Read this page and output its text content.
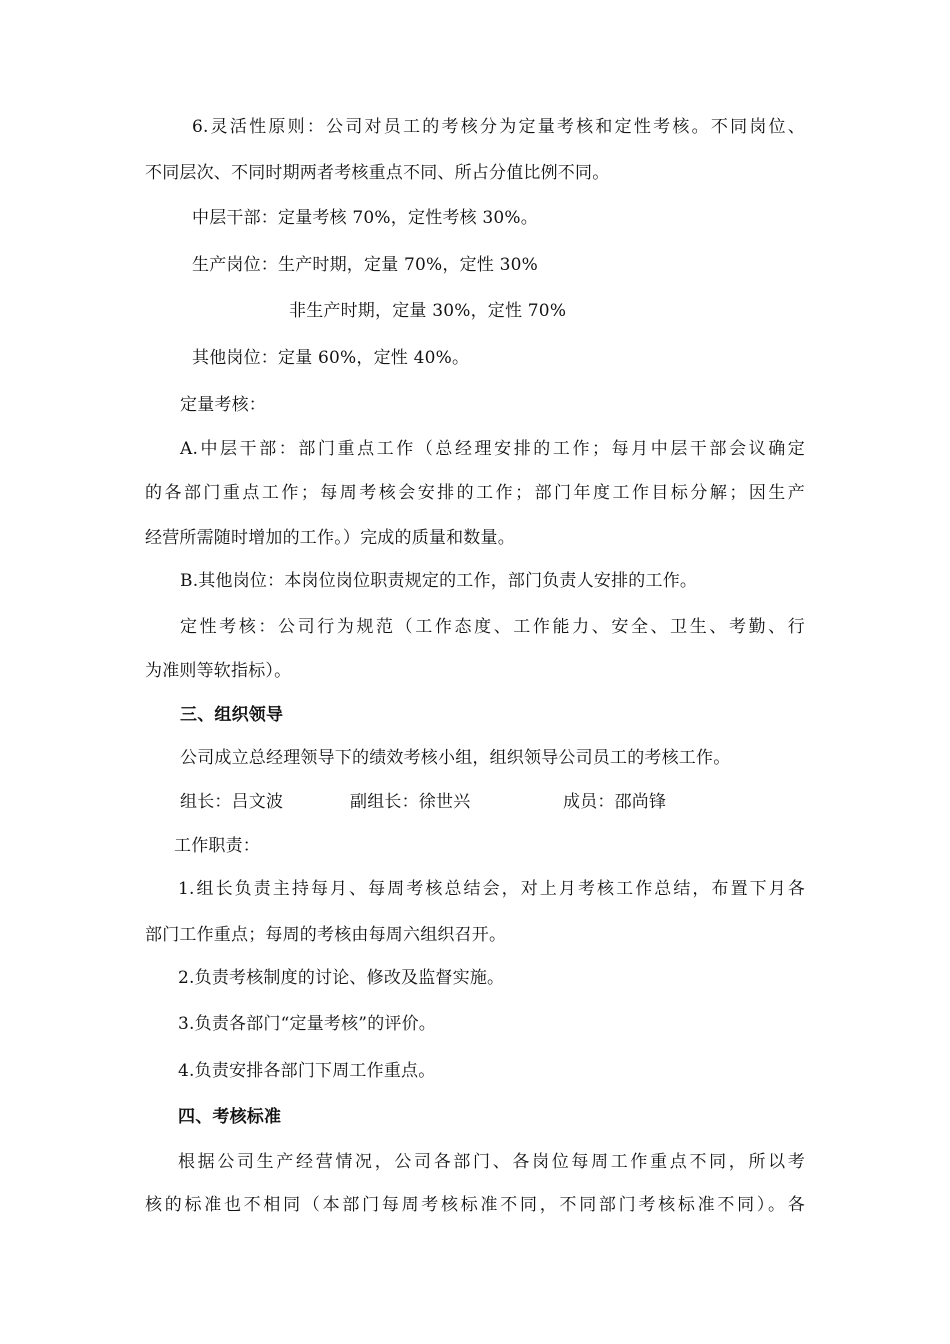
6.灵活性原则：公司对员工的考核分为定量考核和定性考核。不同岗位、
不同层次、不同时期两者考核重点不同、所占分值比例不同。
中层干部：定量考核 70%，定性考核 30%。
生产岗位：生产时期，定量 70%，定性 30%
非生产时期，定量 30%，定性 70%
其他岗位：定量 60%，定性 40%。
定量考核：
A.中层干部：部门重点工作（总经理安排的工作；每月中层干部会议确定
的各部门重点工作；每周考核会安排的工作；部门年度工作目标分解；因生产
经营所需随时增加的工作。）完成的质量和数量。
B.其他岗位：本岗位岗位职责规定的工作，部门负责人安排的工作。
定性考核：公司行为规范（工作态度、工作能力、安全、卫生、考勤、行
为准则等软指标）。
三、组织领导
公司成立总经理领导下的绩效考核小组，组织领导公司员工的考核工作。
组长：吕文波	副组长：徐世兴	成员：邵尚锋
工作职责：
1.组长负责主持每月、每周考核总结会，对上月考核工作总结，布置下月各
部门工作重点；每周的考核由每周六组织召开。
2.负责考核制度的讨论、修改及监督实施。
3.负责各部门“定量考核”的评价。
4.负责安排各部门下周工作重点。
四、考核标准
根据公司生产经营情况，公司各部门、各岗位每周工作重点不同，所以考
核的标准也不相同（本部门每周考核标准不同，不同部门考核标准不同）。各
